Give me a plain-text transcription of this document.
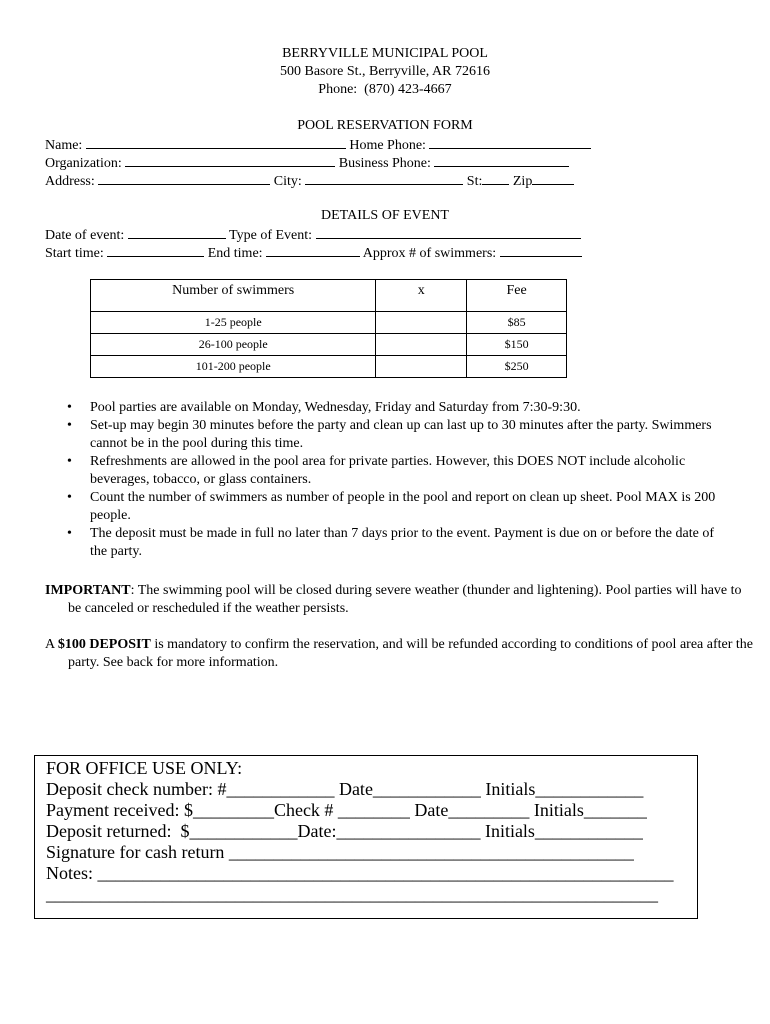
BERRYVILLE MUNICIPAL POOL
500 Basore St., Berryville, AR 72616
Phone:  (870) 423-4667
POOL RESERVATION FORM
Name:	Home Phone:
Organization:	Business Phone:
Address:	City:	St: Zip
DETAILS OF EVENT
Date of event:	Type of Event:
Start time:	End time:	Approx # of swimmers:
Number of swimmers	x	Fee
1-25 people		$85
26-100 people		$150
101-200 people		$250
• Pool parties are available on Monday, Wednesday, Friday and Saturday from 7:30-9:30.
• Set-up may begin 30 minutes before the party and clean up can last up to 30 minutes after the party. Swimmers cannot be in the pool during this time.
• Refreshments are allowed in the pool area for private parties. However, this DOES NOT include alcoholic beverages, tobacco, or glass containers.
• Count the number of swimmers as number of people in the pool and report on clean up sheet. Pool MAX is 200 people.
• The deposit must be made in full no later than 7 days prior to the event. Payment is due on or before the date of the party.
IMPORTANT: The swimming pool will be closed during severe weather (thunder and lightening). Pool parties will have to be canceled or rescheduled if the weather persists.
A $100 DEPOSIT is mandatory to confirm the reservation, and will be refunded according to conditions of pool area after the party. See back for more information.
FOR OFFICE USE ONLY:
Deposit check number: #____________ Date____________ Initials____________
Payment received: $_________Check # ________ Date_________ Initials_______
Deposit returned:  $____________Date:________________ Initials____________
Signature for cash return _____________________________________________
Notes: ________________________________________________________________
____________________________________________________________________
